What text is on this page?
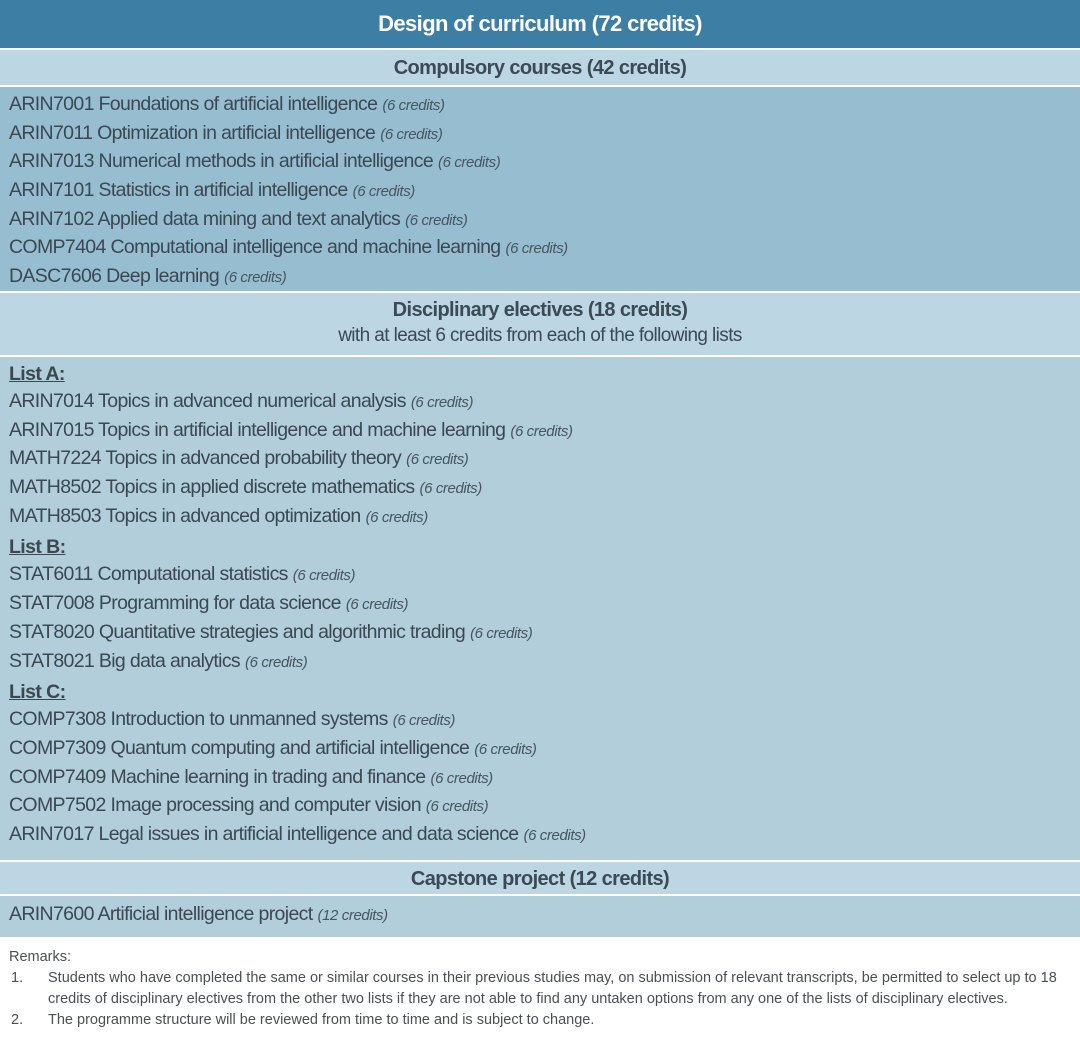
Design of curriculum (72 credits)
Compulsory courses (42 credits)
ARIN7001 Foundations of artificial intelligence (6 credits)
ARIN7011 Optimization in artificial intelligence (6 credits)
ARIN7013 Numerical methods in artificial intelligence (6 credits)
ARIN7101 Statistics in artificial intelligence (6 credits)
ARIN7102 Applied data mining and text analytics (6 credits)
COMP7404 Computational intelligence and machine learning (6 credits)
DASC7606 Deep learning (6 credits)
Disciplinary electives (18 credits)
with at least 6 credits from each of the following lists
List A:
ARIN7014 Topics in advanced numerical analysis (6 credits)
ARIN7015 Topics in artificial intelligence and machine learning (6 credits)
MATH7224 Topics in advanced probability theory (6 credits)
MATH8502 Topics in applied discrete mathematics (6 credits)
MATH8503 Topics in advanced optimization (6 credits)
List B:
STAT6011 Computational statistics (6 credits)
STAT7008 Programming for data science (6 credits)
STAT8020 Quantitative strategies and algorithmic trading (6 credits)
STAT8021 Big data analytics (6 credits)
List C:
COMP7308 Introduction to unmanned systems (6 credits)
COMP7309 Quantum computing and artificial intelligence (6 credits)
COMP7409 Machine learning in trading and finance (6 credits)
COMP7502 Image processing and computer vision (6 credits)
ARIN7017 Legal issues in artificial intelligence and data science (6 credits)
Capstone project (12 credits)
ARIN7600 Artificial intelligence project (12 credits)

Remarks:

1. Students who have completed the same or similar courses in their previous studies may, on submission of relevant transcripts, be permitted to select up to 18 credits of disciplinary electives from the other two lists if they are not able to find any untaken options from any one of the lists of disciplinary electives.
2. The programme structure will be reviewed from time to time and is subject to change.
